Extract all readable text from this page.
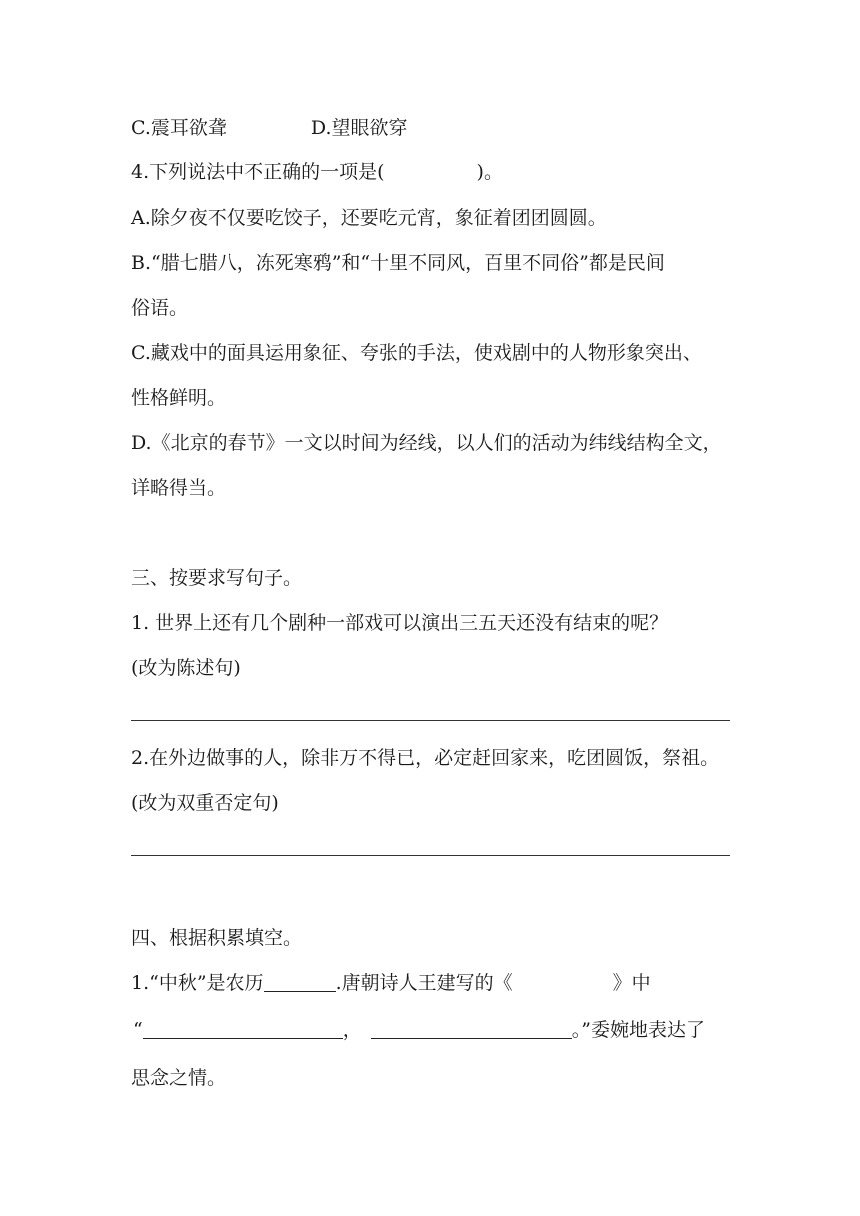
C.震耳欲聋	D.望眼欲穿
4.下列说法中不正确的一项是(	)。
A.除夕夜不仅要吃饺子，还要吃元宵，象征着团团圆圆。
B.“腊七腊八，冻死寒鸦”和“十里不同风，百里不同俗”都是民间
俗语。
C.藏戏中的面具运用象征、夸张的手法，使戏剧中的人物形象突出、
性格鲜明。
D.《北京的春节》一文以时间为经线，以人们的活动为纬线结构全文，
详略得当。
三、按要求写句子。
1. 世界上还有几个剧种一部戏可以演出三五天还没有结束的呢？
(改为陈述句)
2.在外边做事的人，除非万不得已，必定赶回家来，吃团圆饭，祭祖。
(改为双重否定句)
四、根据积累填空。
1.“中秋”是农历	.唐朝诗人王建写的《	》中
“	，	。”委婉地表达了
思念之情。
